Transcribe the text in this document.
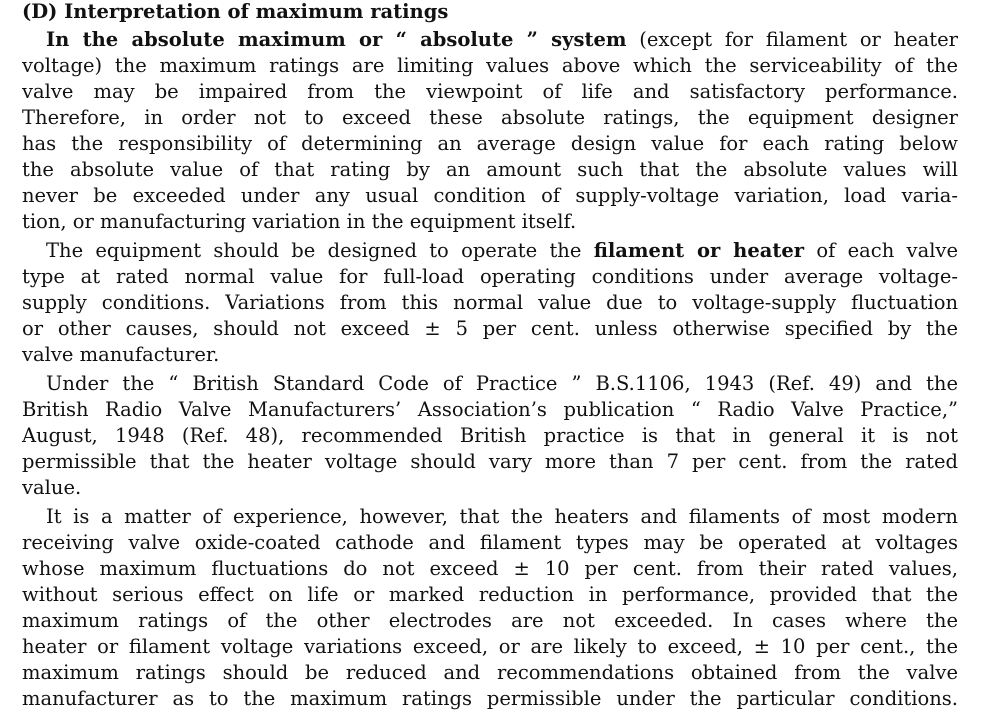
(D) Interpretation of maximum ratings
In the absolute maximum or “ absolute ” system (except for filament or heater
voltage) the maximum ratings are limiting values above which the serviceability of the
valve may be impaired from the viewpoint of life and satisfactory performance.
Therefore, in order not to exceed these absolute ratings, the equipment designer
has the responsibility of determining an average design value for each rating below
the absolute value of that rating by an amount such that the absolute values will
never be exceeded under any usual condition of supply-voltage variation, load varia-
tion, or manufacturing variation in the equipment itself.
The equipment should be designed to operate the filament or heater of each valve
type at rated normal value for full-load operating conditions under average voltage-
supply conditions. Variations from this normal value due to voltage-supply fluctuation
or other causes, should not exceed ± 5 per cent. unless otherwise specified by the
valve manufacturer.
Under the “ British Standard Code of Practice ” B.S.1106, 1943 (Ref. 49) and the
British Radio Valve Manufacturers’ Association’s publication “ Radio Valve Practice,”
August, 1948 (Ref. 48), recommended British practice is that in general it is not
permissible that the heater voltage should vary more than 7 per cent. from the rated
value.
It is a matter of experience, however, that the heaters and filaments of most modern
receiving valve oxide-coated cathode and filament types may be operated at voltages
whose maximum fluctuations do not exceed ± 10 per cent. from their rated values,
without serious effect on life or marked reduction in performance, provided that the
maximum ratings of the other electrodes are not exceeded. In cases where the
heater or filament voltage variations exceed, or are likely to exceed, ± 10 per cent., the
maximum ratings should be reduced and recommendations obtained from the valve
manufacturer as to the maximum ratings permissible under the particular conditions.
